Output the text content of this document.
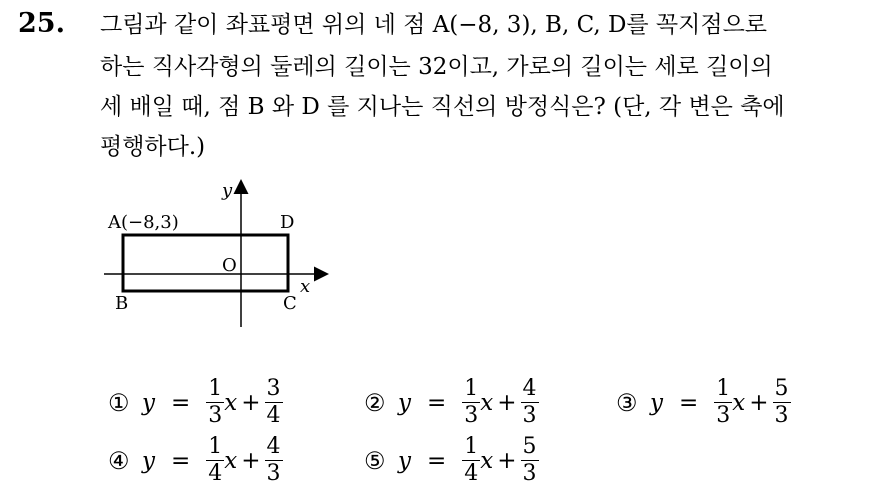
25. 그림과 같이 좌표평면 위의 네 점 A(−8, 3), B, C, D를 꼭지점으로
하는 직사각형의 둘레의 길이는 32이고, 가로의 길이는 세로 길이의
세 배일 때, 점 B 와 D 를 지나는 직선의 방정식은? (단, 각 변은 축에
평행하다.)
A(−8,3)	D
O
B	C
x
y
① $y = \frac{1}{3}$ $x + \frac{3}{4}$	② $y = \frac{1}{3}$ $x + \frac{4}{3}$	③ $y = \frac{1}{3}$ $x + \frac{5}{3}$
④ $y = \frac{1}{4}$ $x + \frac{4}{3}$	⑤ $y = \frac{1}{4}$ $x + \frac{5}{3}$
